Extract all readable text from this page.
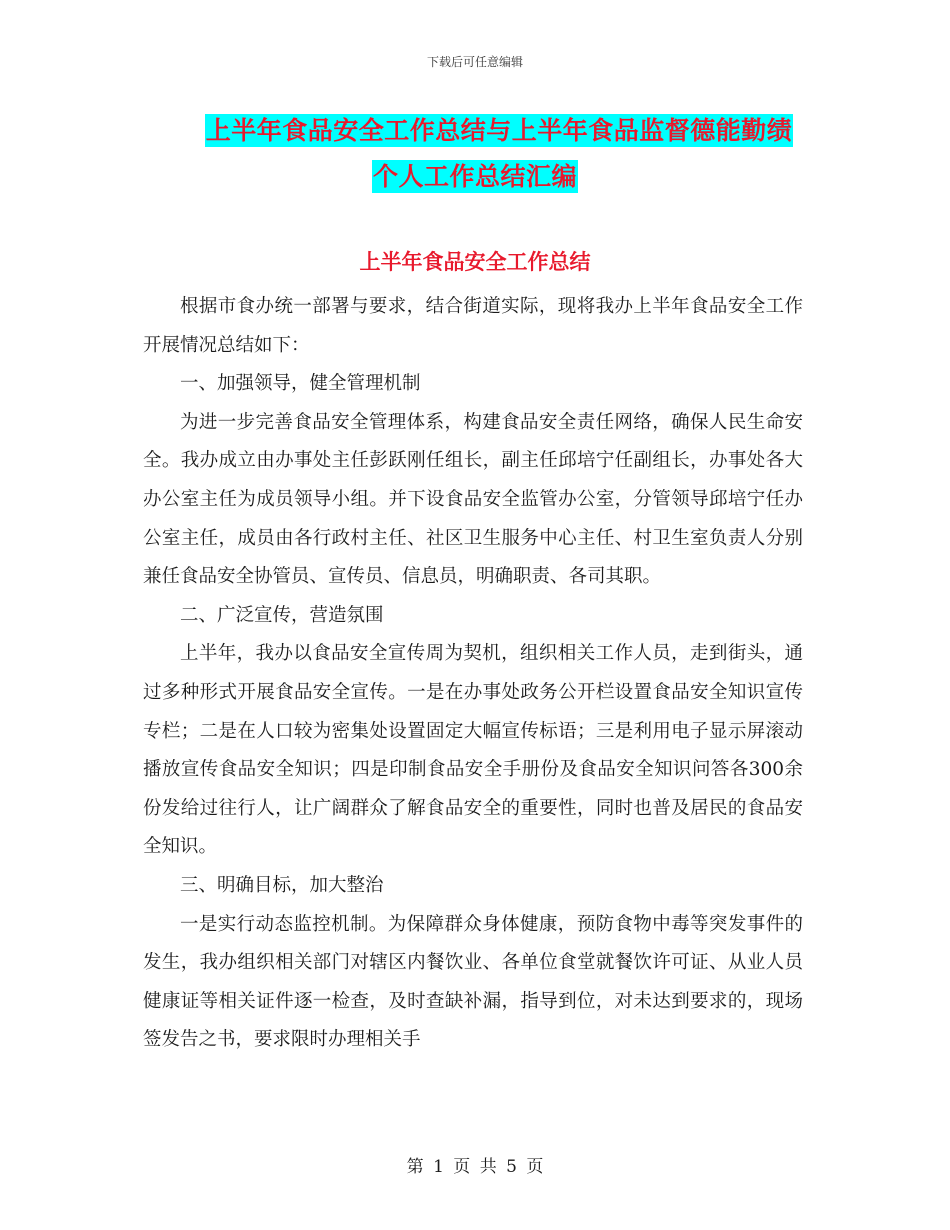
下载后可任意编辑
上半年食品安全工作总结与上半年食品监督德能勤绩
个人工作总结汇编
上半年食品安全工作总结

根据市食办统一部署与要求，结合街道实际，现将我办上半年食品安全工作开展情况总结如下：

一、加强领导，健全管理机制

为进一步完善食品安全管理体系，构建食品安全责任网络，确保人民生命安全。我办成立由办事处主任彭跃刚任组长，副主任邱培宁任副组长，办事处各大办公室主任为成员领导小组。并下设食品安全监管办公室，分管领导邱培宁任办公室主任，成员由各行政村主任、社区卫生服务中心主任、村卫生室负责人分别兼任食品安全协管员、宣传员、信息员，明确职责、各司其职。

二、广泛宣传，营造氛围

上半年，我办以食品安全宣传周为契机，组织相关工作人员，走到街头，通过多种形式开展食品安全宣传。一是在办事处政务公开栏设置食品安全知识宣传专栏；二是在人口较为密集处设置固定大幅宣传标语；三是利用电子显示屏滚动播放宣传食品安全知识；四是印制食品安全手册份及食品安全知识问答各300余份发给过往行人，让广阔群众了解食品安全的重要性，同时也普及居民的食品安全知识。

三、明确目标，加大整治

一是实行动态监控机制。为保障群众身体健康，预防食物中毒等突发事件的发生，我办组织相关部门对辖区内餐饮业、各单位食堂就餐饮许可证、从业人员健康证等相关证件逐一检查，及时查缺补漏，指导到位，对未达到要求的，现场签发告之书，要求限时办理相关手

第 1 页 共 5 页
